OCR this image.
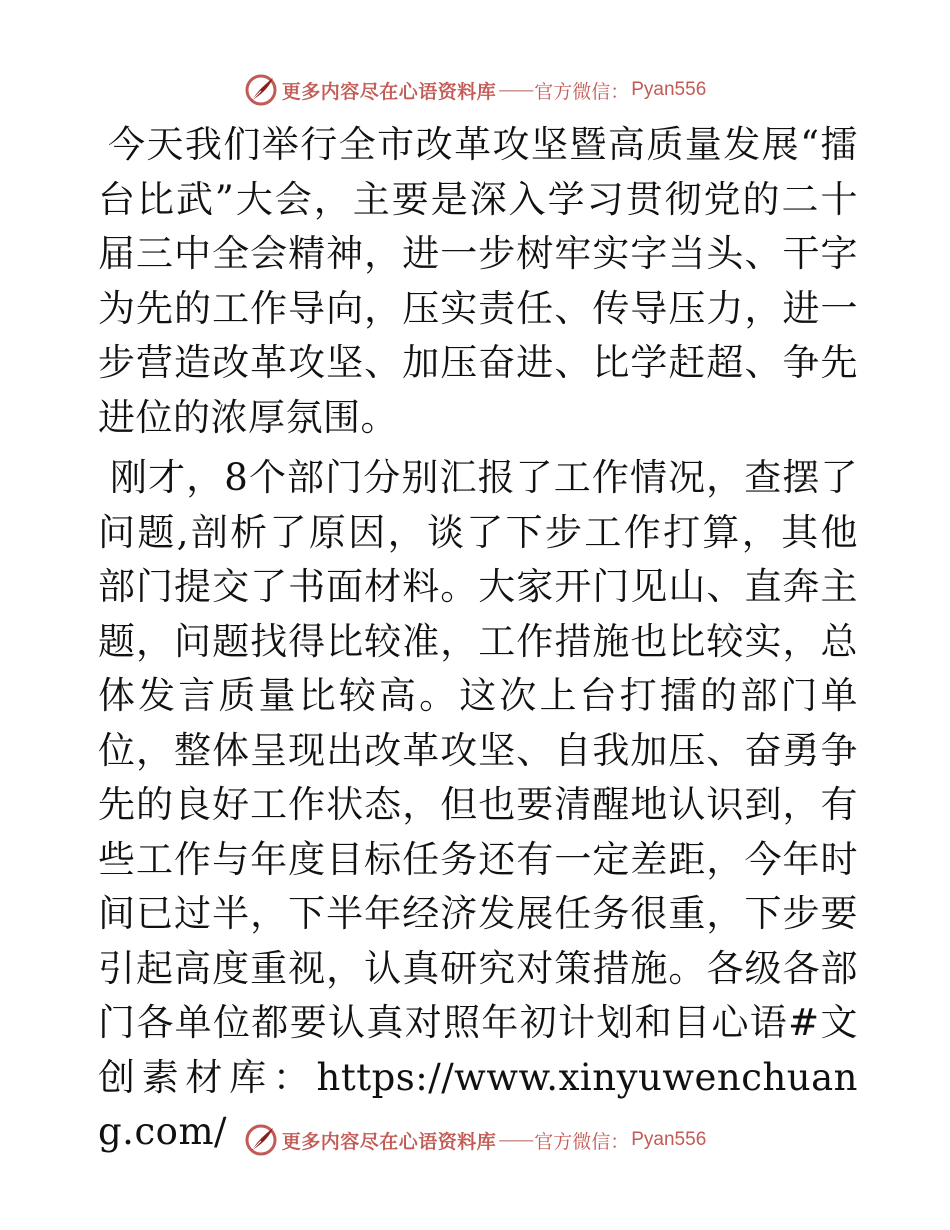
更多内容尽在心语资料库 —— 官方微信： Pyan556

今天我们举行全市改革攻坚暨高质量发展“擂台比武”大会，主要是深入学习贯彻党的二十届三中全会精神，进一步树牢实字当头、干字为先的工作导向，压实责任、传导压力，进一步营造改革攻坚、加压奋进、比学赶超、争先进位的浓厚氛围。

刚才，8个部门分别汇报了工作情况，查摆了问题,剖析了原因，谈了下步工作打算，其他部门提交了书面材料。大家开门见山、直奔主题，问题找得比较准，工作措施也比较实，总体发言质量比较高。这次上台打擂的部门单位，整体呈现出改革攻坚、自我加压、奋勇争先的良好工作状态，但也要清醒地认识到，有些工作与年度目标任务还有一定差距，今年时间已过半，下半年经济发展任务很重，下步要引起高度重视，认真研究对策措施。各级各部门各单位都要认真对照年初计划和目心语#文创素材库：https://www.xinyuwenchuang.com/	更多内容尽在心语资料库 —— 官方微信： Pyan556
